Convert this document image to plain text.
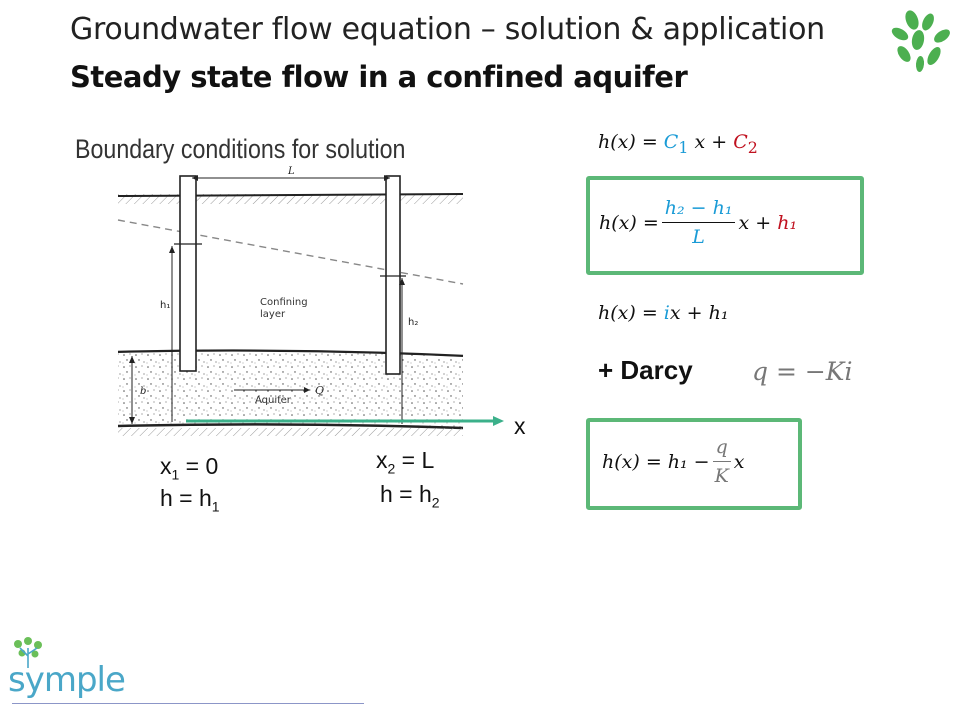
Groundwater flow equation – solution & application
Steady state flow in a confined aquifer
L
h₁
h₂
b
Confining
layer
Aquifer
Q
Boundary conditions for solution
x
$x_1 = 0$
$h = h_1$
$x_2 = L$
$h = h_2$
$h(x) = C_1$ $x + C_2$
$h(x) = \frac{\text{h₂ − h₁}}{L}$ x +
h₁
h(x) = ix + h₁
+ Darcy q = −Ki
$h(x) = h_1 - \frac{q}{K}$ x
symple
